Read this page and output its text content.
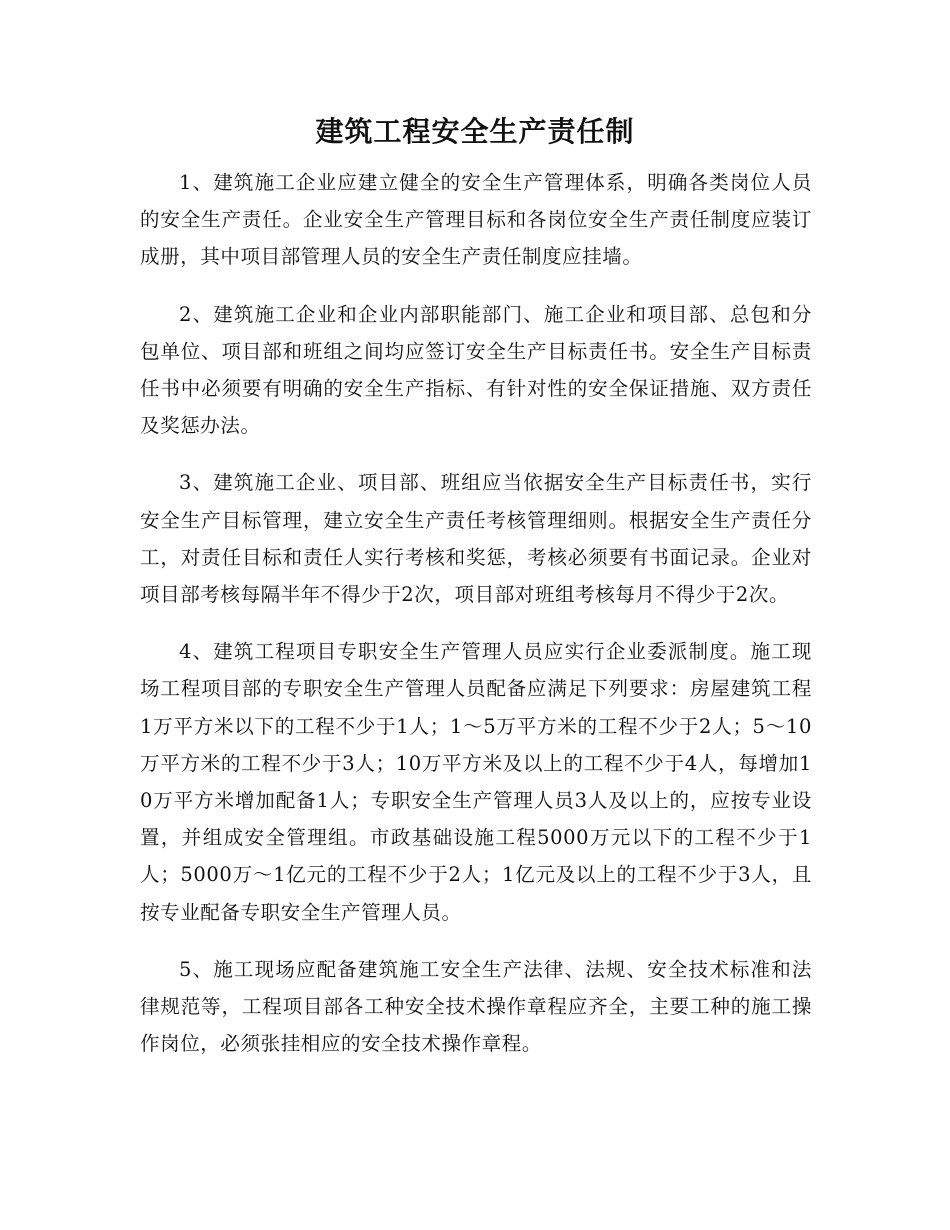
建筑工程安全生产责任制

1、建筑施工企业应建立健全的安全生产管理体系，明确各类岗位人员的安全生产责任。企业安全生产管理目标和各岗位安全生产责任制度应装订成册，其中项目部管理人员的安全生产责任制度应挂墙。

2、建筑施工企业和企业内部职能部门、施工企业和项目部、总包和分包单位、项目部和班组之间均应签订安全生产目标责任书。安全生产目标责任书中必须要有明确的安全生产指标、有针对性的安全保证措施、双方责任及奖惩办法。

3、建筑施工企业、项目部、班组应当依据安全生产目标责任书，实行安全生产目标管理，建立安全生产责任考核管理细则。根据安全生产责任分工，对责任目标和责任人实行考核和奖惩，考核必须要有书面记录。企业对项目部考核每隔半年不得少于2次，项目部对班组考核每月不得少于2次。

4、建筑工程项目专职安全生产管理人员应实行企业委派制度。施工现场工程项目部的专职安全生产管理人员配备应满足下列要求：房屋建筑工程1万平方米以下的工程不少于1人；1～5万平方米的工程不少于2人；5～10万平方米的工程不少于3人；10万平方米及以上的工程不少于4人，每增加10万平方米增加配备1人；专职安全生产管理人员3人及以上的，应按专业设置，并组成安全管理组。市政基础设施工程5000万元以下的工程不少于1人；5000万～1亿元的工程不少于2人；1亿元及以上的工程不少于3人，且按专业配备专职安全生产管理人员。

5、施工现场应配备建筑施工安全生产法律、法规、安全技术标准和法律规范等，工程项目部各工种安全技术操作章程应齐全，主要工种的施工操作岗位，必须张挂相应的安全技术操作章程。
